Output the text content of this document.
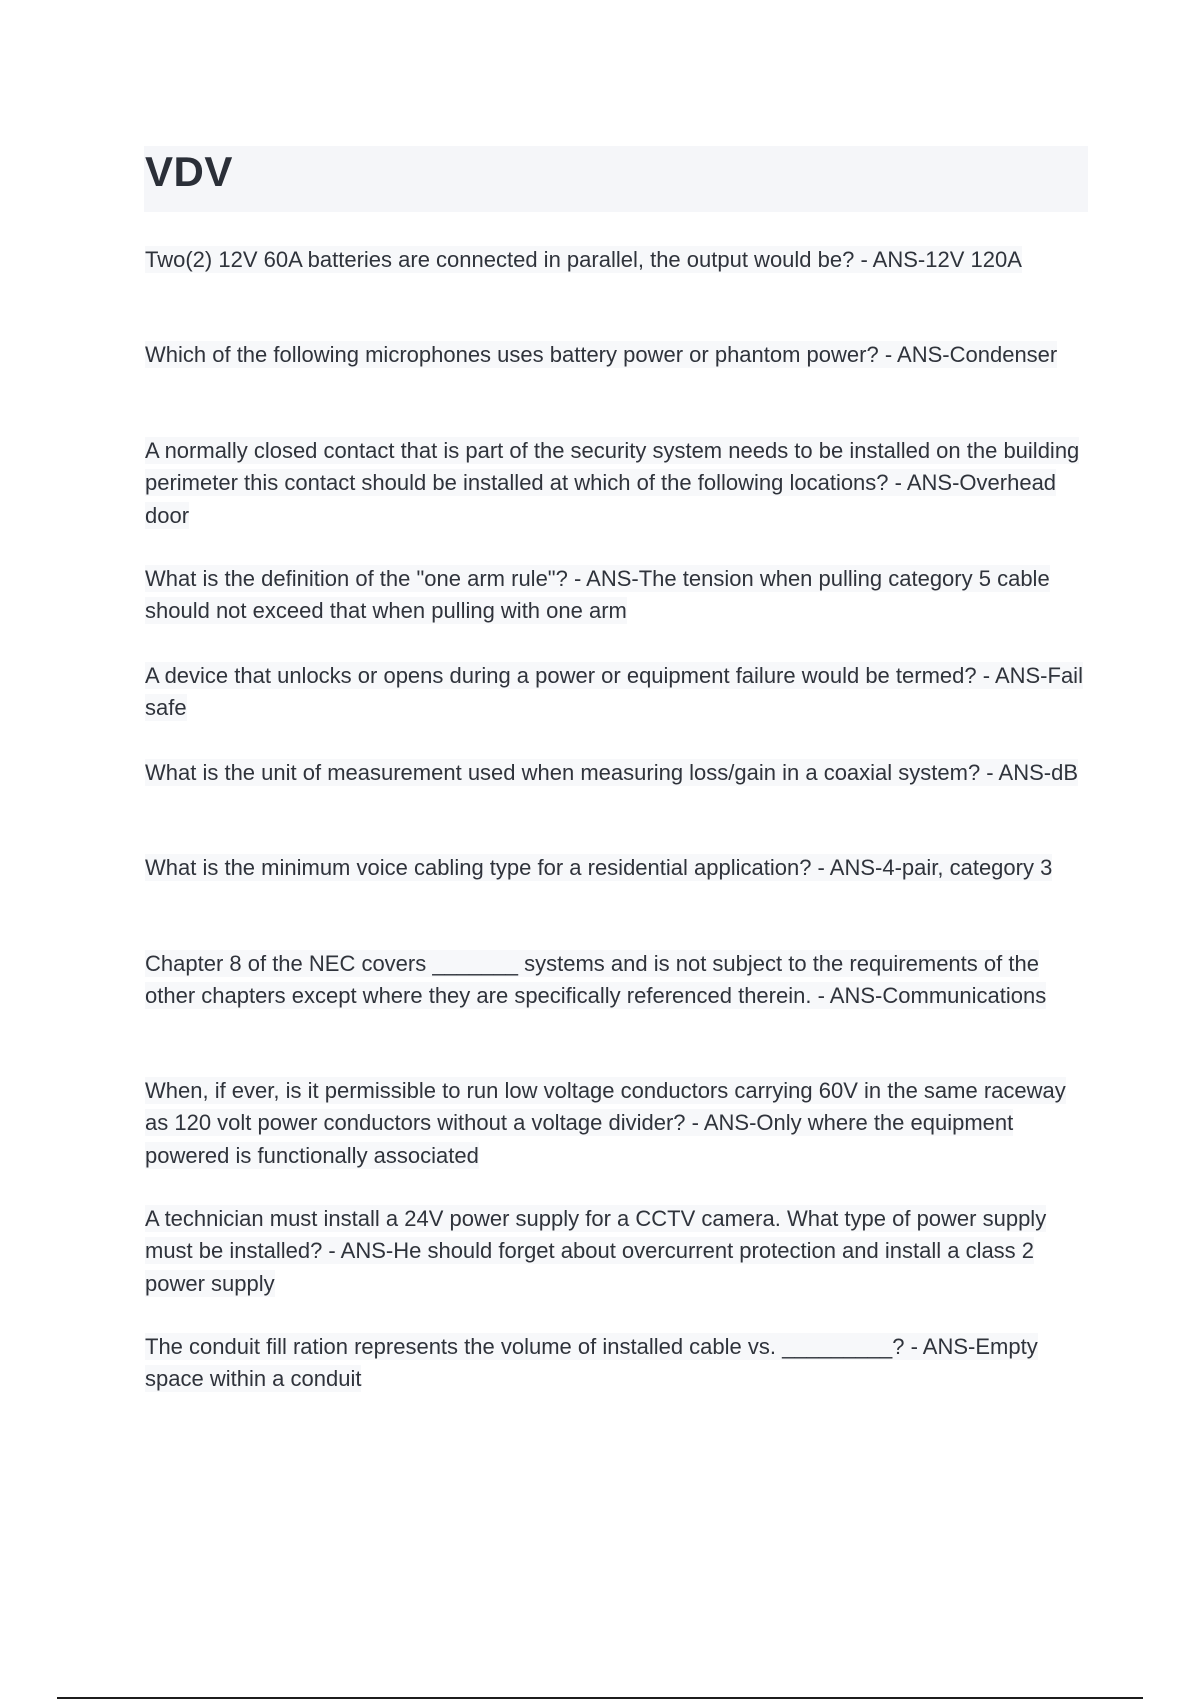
VDV

Two(2) 12V 60A batteries are connected in parallel, the output would be? - ANS-12V 120A

Which of the following microphones uses battery power or phantom power? - ANS-Condenser

A normally closed contact that is part of the security system needs to be installed on the building perimeter this contact should be installed at which of the following locations? - ANS-Overhead door

What is the definition of the "one arm rule"? - ANS-The tension when pulling category 5 cable should not exceed that when pulling with one arm

A device that unlocks or opens during a power or equipment failure would be termed? - ANS-Fail safe

What is the unit of measurement used when measuring loss/gain in a coaxial system? - ANS-dB

What is the minimum voice cabling type for a residential application? - ANS-4-pair, category 3

Chapter 8 of the NEC covers _______ systems and is not subject to the requirements of the other chapters except where they are specifically referenced therein. - ANS-Communications

When, if ever, is it permissible to run low voltage conductors carrying 60V in the same raceway as 120 volt power conductors without a voltage divider? - ANS-Only where the equipment powered is functionally associated

A technician must install a 24V power supply for a CCTV camera. What type of power supply must be installed? - ANS-He should forget about overcurrent protection and install a class 2 power supply

The conduit fill ration represents the volume of installed cable vs. _________? - ANS-Empty space within a conduit
